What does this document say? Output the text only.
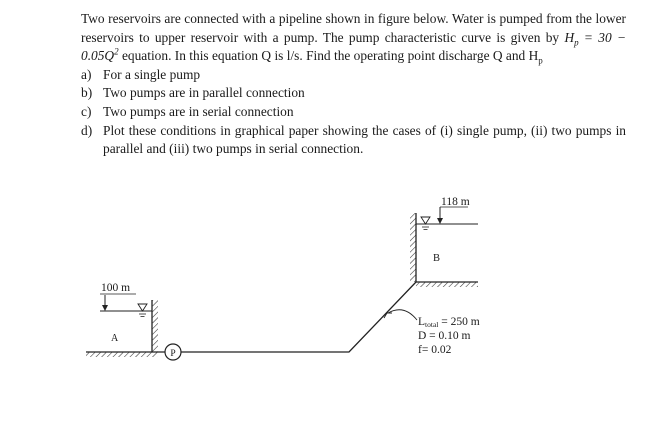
Two reservoirs are connected with a pipeline shown in figure below. Water is pumped from the lower reservoirs to upper reservoir with a pump. The pump characteristic curve is given by $H_p = 30 - 0.05Q^2$ equation. In this equation Q is l/s. Find the operating point discharge Q and $H_p$

a) For a single pump
b) Two pumps are in parallel connection
c) Two pumps are in serial connection
d) Plot these conditions in graphical paper showing the cases of (i) single pump, (ii) two pumps in parallel and (iii) two pumps in serial connection.
118 m
B
100 m
A
P
Ltotal = 250 m
D = 0.10 m
f= 0.02
